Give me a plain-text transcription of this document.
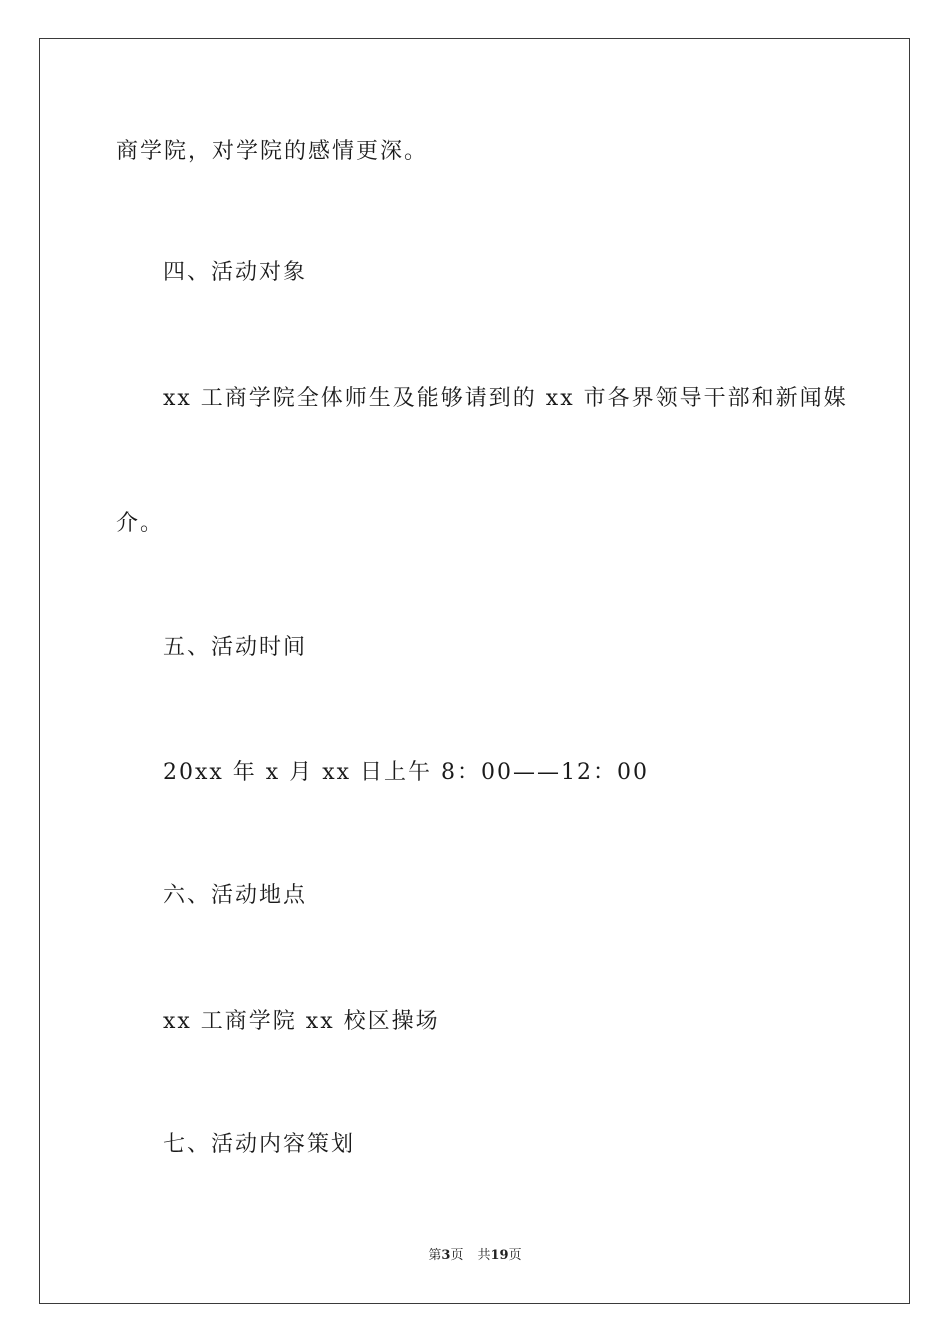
商学院，对学院的感情更深。
四、活动对象
xx 工商学院全体师生及能够请到的 xx 市各界领导干部和新闻媒
介。
五、活动时间
20xx 年 x 月 xx 日上午 8：00——12：00
六、活动地点
xx 工商学院 xx 校区操场
七、活动内容策划
第3页 共19页
